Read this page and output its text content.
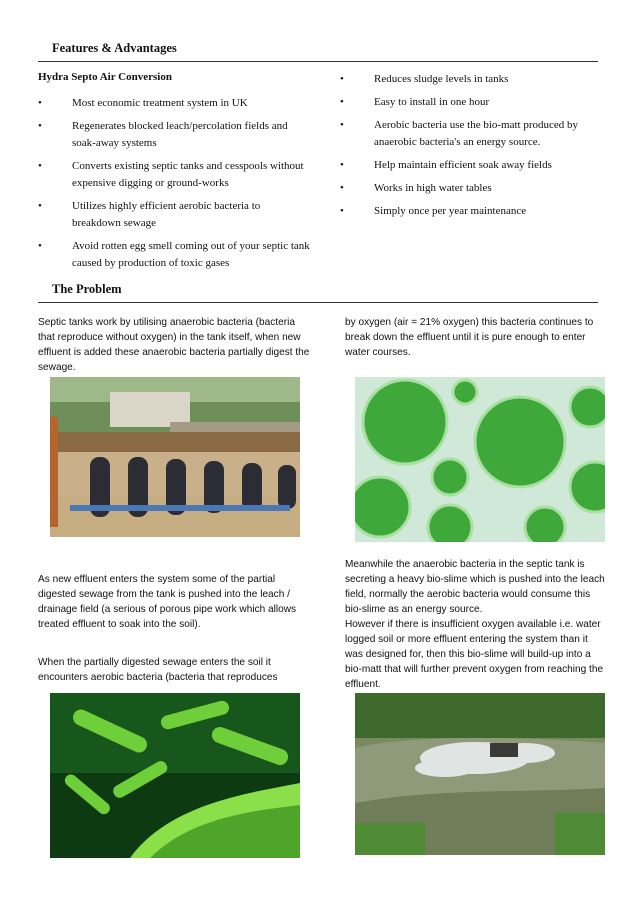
Features & Advantages
Hydra Septo Air Conversion
•	Most economic treatment system in UK
•	Regenerates blocked leach/percolation fields and soak-away systems
•	Converts existing septic tanks and cesspools without expensive digging or ground-works
•	Utilizes highly efficient aerobic bacteria to breakdown sewage
•	Avoid rotten egg smell coming out of your septic tank caused by production of toxic gases
•	Reduces sludge levels in tanks
•	Easy to install in one hour
•	Aerobic bacteria use the bio-matt produced by anaerobic bacteria's an energy source.
•	Help maintain efficient soak away fields
•	Works in high water tables
•	Simply once per year maintenance
The Problem

Septic tanks work by utilising anaerobic bacteria (bacteria that reproduce without oxygen) in the tank itself, when new effluent is added these anaerobic bacteria partially digest the sewage.

As new effluent enters the system some of the partial digested sewage from the tank is pushed into the leach / drainage field (a serious of porous pipe work which allows treated effluent to soak into the soil).

When the partially digested sewage enters the soil it encounters aerobic bacteria (bacteria that reproduces

by oxygen (air = 21% oxygen) this bacteria continues to break down the effluent until it is pure enough to enter water courses.

Meanwhile the anaerobic bacteria in the septic tank is secreting a heavy bio-slime which is pushed into the leach field, normally the aerobic bacteria would consume this bio-slime as an energy source.

However if there is insufficient oxygen available i.e. water logged soil or more effluent entering the system than it was designed for, then this bio-slime will build-up into a bio-matt that will further prevent oxygen from reaching the effluent.
